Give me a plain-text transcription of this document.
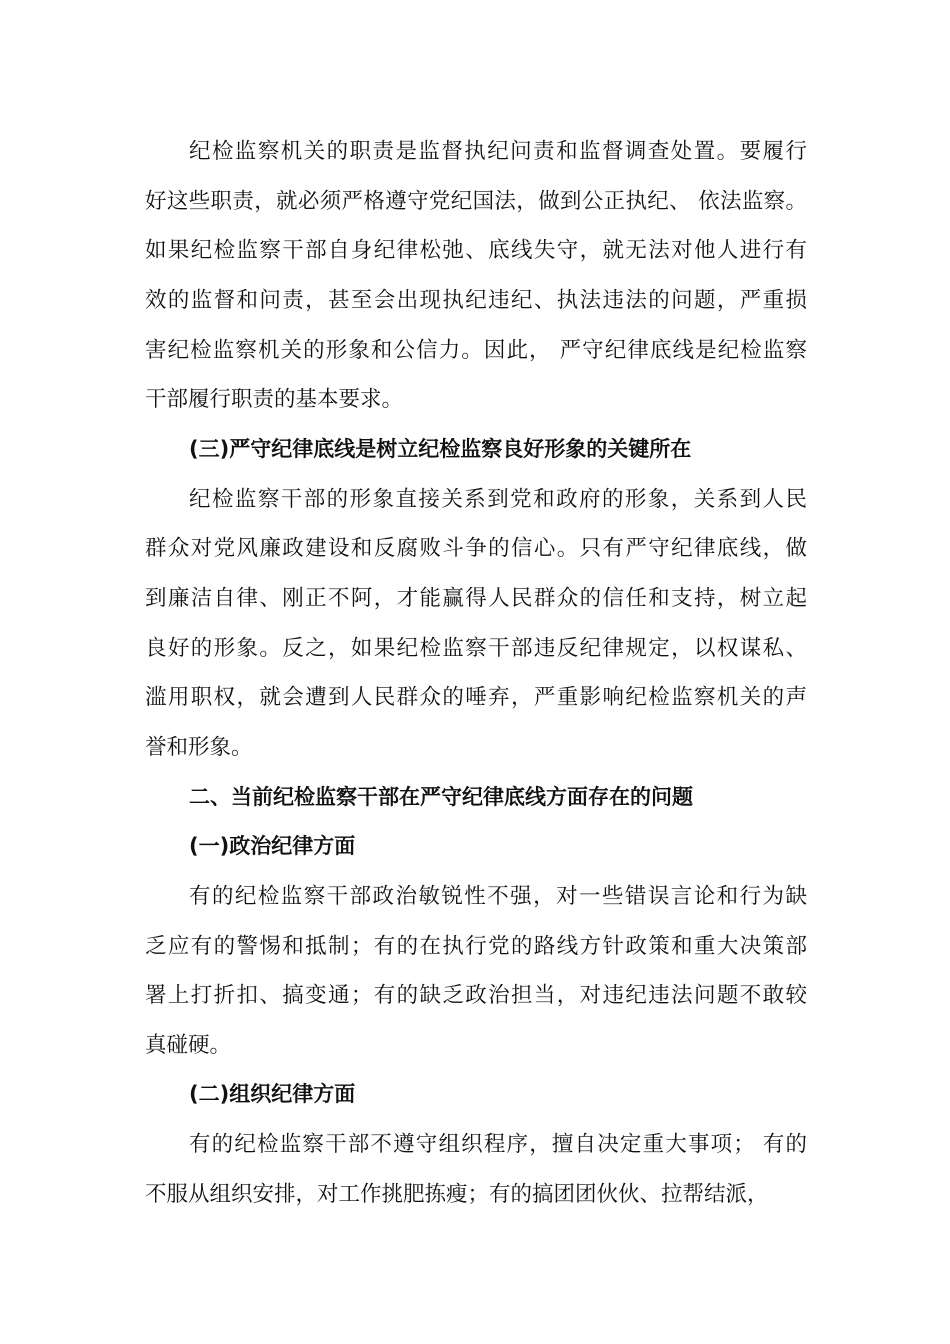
纪检监察机关的职责是监督执纪问责和监督调查处置。要履行
好这些职责，就必须严格遵守党纪国法，做到公正执纪、 依法监察。
如果纪检监察干部自身纪律松弛、底线失守，就无法对他人进行有
效的监督和问责，甚至会出现执纪违纪、执法违法的问题，严重损
害纪检监察机关的形象和公信力。因此， 严守纪律底线是纪检监察
干部履行职责的基本要求。
(三)严守纪律底线是树立纪检监察良好形象的关键所在
纪检监察干部的形象直接关系到党和政府的形象，关系到人民
群众对党风廉政建设和反腐败斗争的信心。只有严守纪律底线，做
到廉洁自律、刚正不阿，才能赢得人民群众的信任和支持，树立起
良好的形象。反之，如果纪检监察干部违反纪律规定，以权谋私、
滥用职权，就会遭到人民群众的唾弃，严重影响纪检监察机关的声
誉和形象。
二、当前纪检监察干部在严守纪律底线方面存在的问题
(一)政治纪律方面
有的纪检监察干部政治敏锐性不强，对一些错误言论和行为缺
乏应有的警惕和抵制；有的在执行党的路线方针政策和重大决策部
署上打折扣、搞变通；有的缺乏政治担当，对违纪违法问题不敢较
真碰硬。
(二)组织纪律方面
有的纪检监察干部不遵守组织程序，擅自决定重大事项； 有的
不服从组织安排，对工作挑肥拣瘦；有的搞团团伙伙、拉帮结派，
